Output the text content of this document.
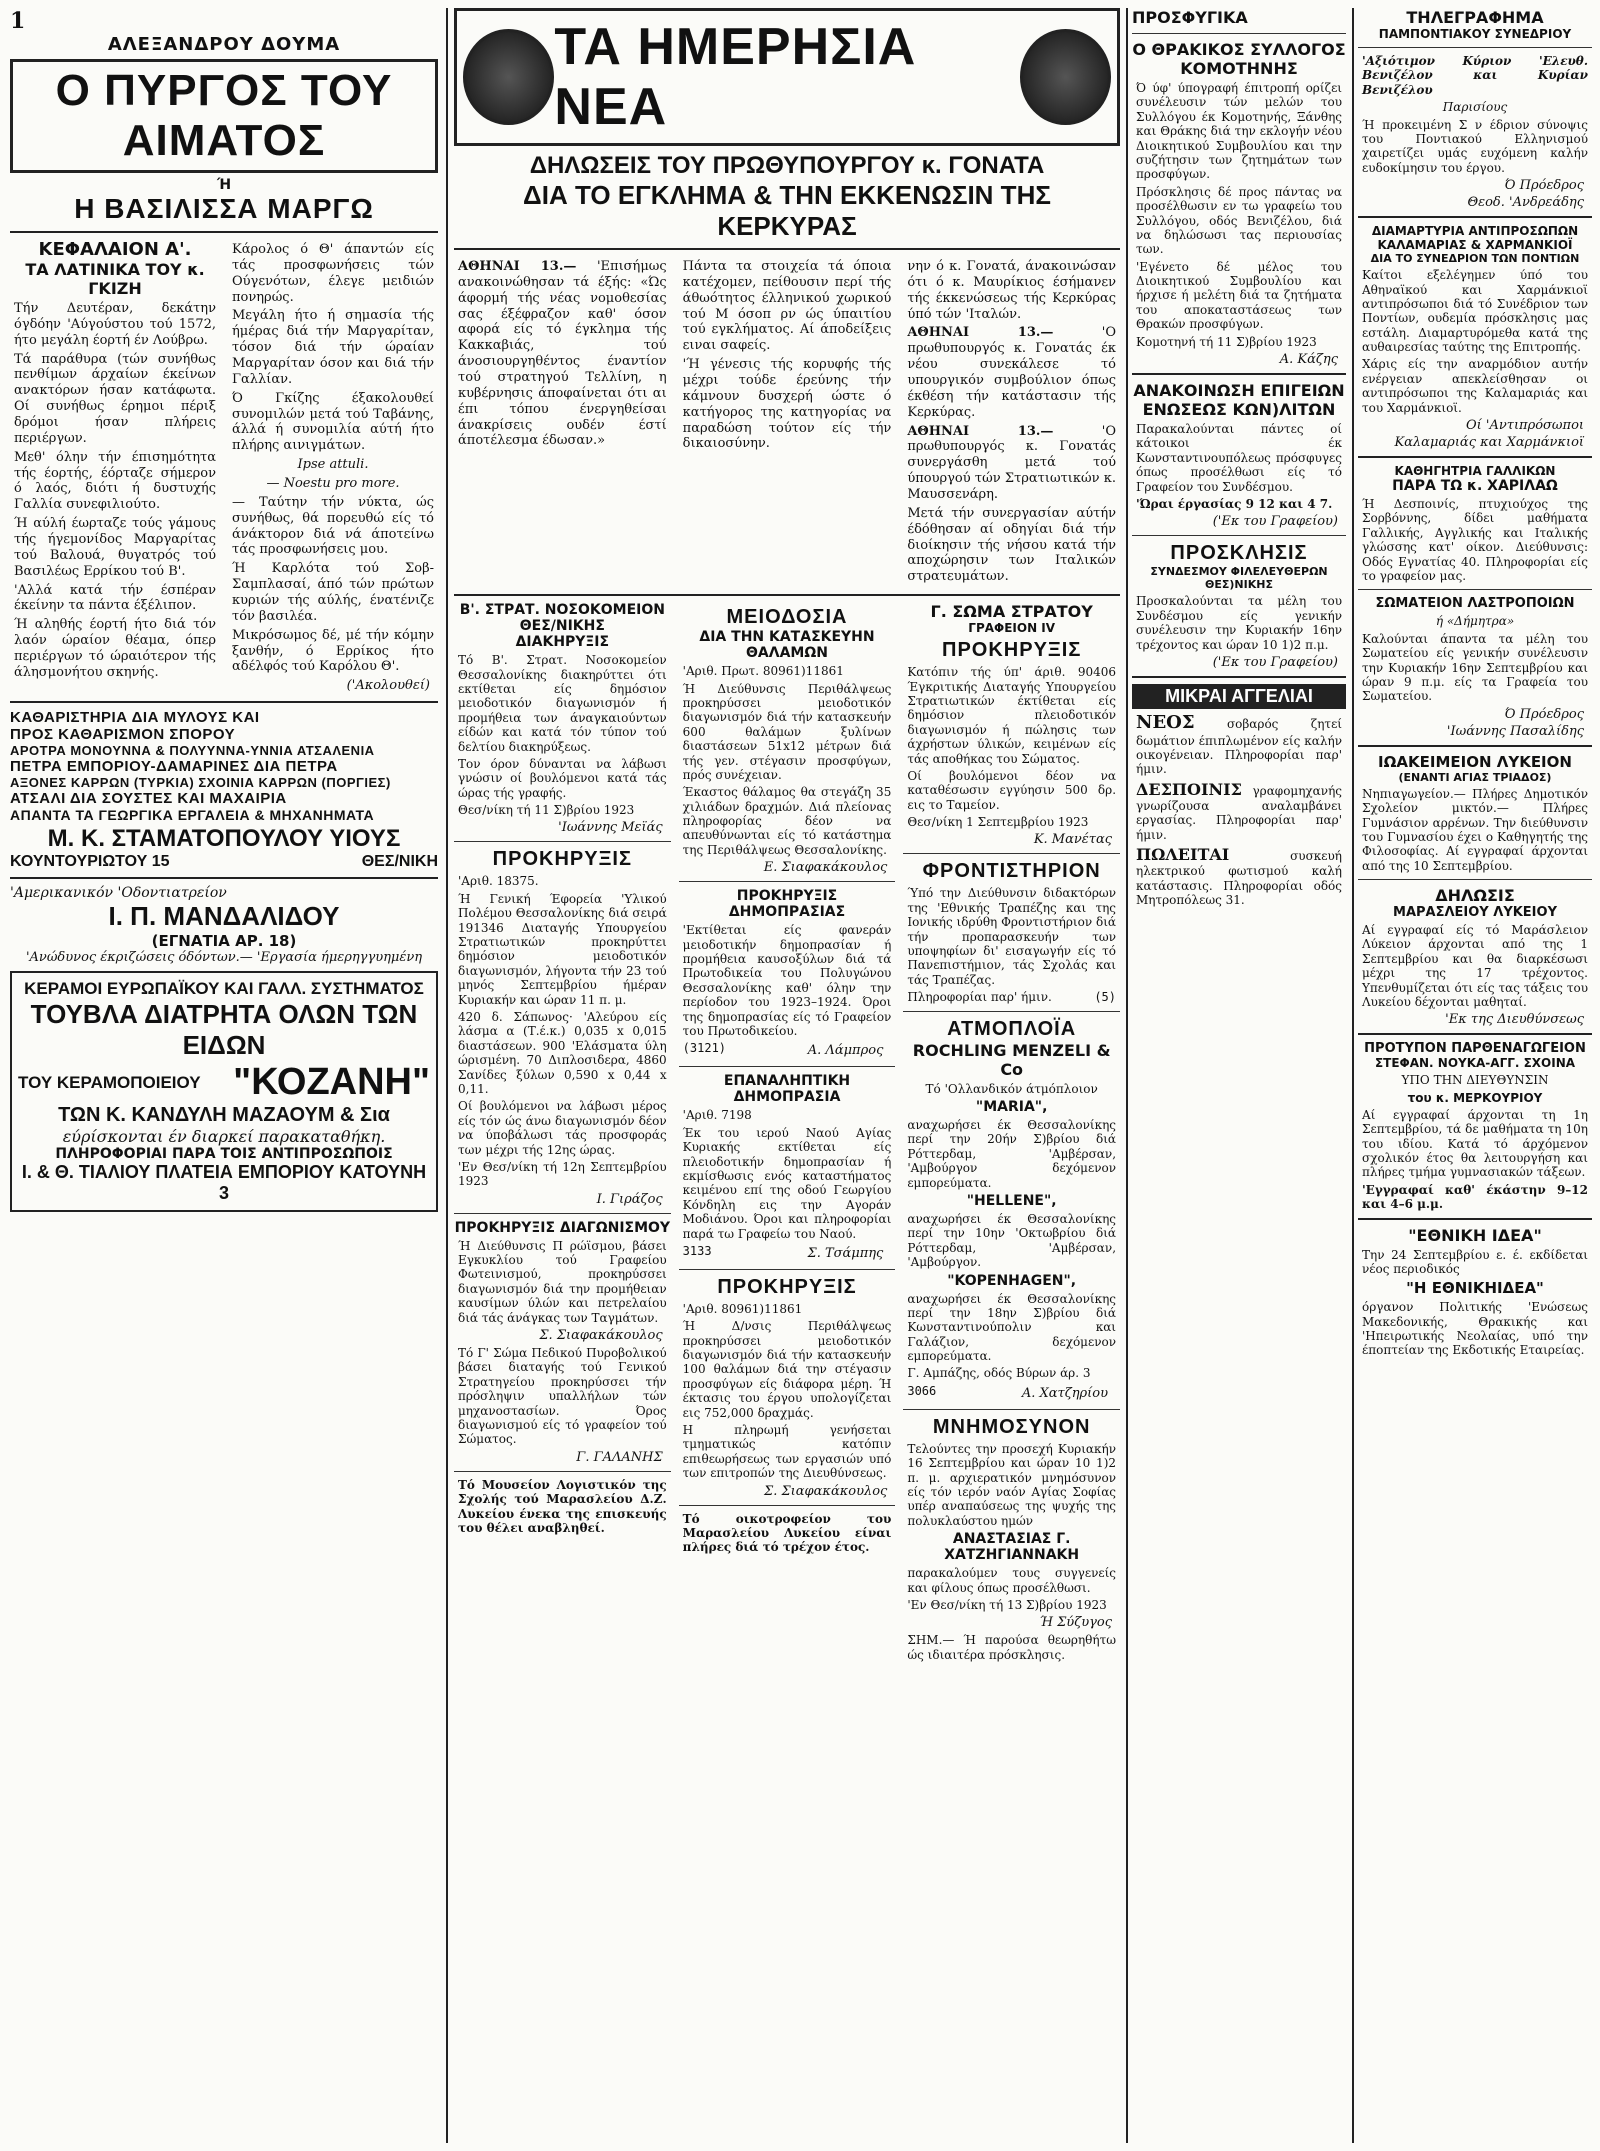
1
ΑΛΕΞΑΝΔΡΟΥ ΔΟΥΜΑ
Ο ΠΥΡΓΟΣ ΤΟΥ ΑΙΜΑΤΟΣ
Ή
Η ΒΑΣΙΛΙΣΣΑ ΜΑΡΓΩ
ΚΕΦΑΛΑΙΟΝ Α'.
ΤΑ ΛΑΤΙΝΙΚΑ ΤΟΥ κ. ΓΚΙΖΗ

Τήν Δευτέραν, δεκάτην όγδόην 'Αύγούστου τού 1572, ήτο μεγάλη έορτή έν Λούβρω.

Τά παράθυρα (τών συνήθως πενθίμων άρχαίων έκείνων ανακτόρων ήσαν κατάφωτα. Οί συνήθως έρημοι πέριξ δρόμοι ήσαν πλήρεις περιέργων.

Μεθ' όλην τήν έπισημότητα τής έορτής, έόρταζε σήμερον ό λαός, διότι ή δυστυχής Γαλλία συνεφιλιούτο.

Ή αύλή έωρταζε τούς γάμους τής ήγεμονίδος Μαργαρίτας τού Βαλουά, θυγατρός τού Βασιλέως Ερρίκου τού Β'.

'Αλλά κατά τήν έσπέραν έκείνην τα πάντα έξέλιπον.

Ή αληθής έορτή ήτο διά τόν λαόν ώραίον θέαμα, όπερ περιέργων τό ώραιότερον τής άλησμονήτου σκηνής.

Κάρολος ό Θ' άπαντών είς τάς προσφωνήσεις τών Ούγενότων, έλεγε μειδιών πονηρώς.

Μεγάλη ήτο ή σημασία τής ήμέρας διά τήν Μαργαρίταν, τόσον διά τήν ώραίαν Μαργαρίταν όσον και διά τήν Γαλλίαν.

Ό Γκίζης έξακολουθεί συνομιλών μετά τού Ταβάνης, άλλά ή συνομιλία αύτή ήτο πλήρης αινιγμάτων.

Ipse attuli.

— Noestu pro more.

— Ταύτην τήν νύκτα, ώς συνήθως, θά πορευθώ είς τό άνάκτορον διά νά άποτείνω τάς προσφωνήσεις μου.

Ή Καρλότα τού Σοβ-Σαμπλασαί, άπό τών πρώτων κυριών τής αύλής, ένατένιζε τόν βασιλέα.

Μικρόσωμος δέ, μέ τήν κόμην ξανθήν, ό Ερρίκος ήτο αδέλφός τού Καρόλου Θ'.

('Ακολουθεί)
ΚΑΘΑΡΙΣΤΗΡΙΑ ΔΙΑ ΜΥΛΟΥΣ ΚΑΙ
ΠΡΟΣ ΚΑΘΑΡΙΣΜΟΝ ΣΠΟΡΟΥ
ΑΡΟΤΡΑ ΜΟΝΟΥΝΝΑ & ΠΟΛΥΥΝΝΑ-ΥΝΝΙΑ ΑΤΣΑΛΕΝΙΑ
ΠΕΤΡΑ ΕΜΠΟΡΙΟΥ-ΔΑΜΑΡΙΝΕΣ ΔΙΑ ΠΕΤΡΑ
ΑΞΟΝΕΣ ΚΑΡΡΩΝ (ΤΥΡΚΙΑ) ΣΧΟΙΝΙΑ ΚΑΡΡΩΝ (ΠΟΡΓΙΕΣ)
ΑΤΣΑΛΙ ΔΙΑ ΣΟΥΣΤΕΣ ΚΑΙ ΜΑΧΑΙΡΙΑ
ΑΠΑΝΤΑ ΤΑ ΓΕΩΡΓΙΚΑ ΕΡΓΑΛΕΙΑ & ΜΗΧΑΝΗΜΑΤΑ
Μ. Κ. ΣΤΑΜΑΤΟΠΟΥΛΟΥ ΥΙΟΥΣ
ΚΟΥΝΤΟΥΡΙΩΤΟΥ 15	ΘΕΣ/ΝΙΚΗ
'Αμερικανικόν 'Οδοντιατρείον
Ι. Π. ΜΑΝΔΑΛΙΔΟΥ
(ΕΓΝΑΤΙΑ ΑΡ. 18)
'Ανώδυνος έκριζώσεις όδόντων.— 'Εργασία ήμερηγγυημένη
ΚΕΡΑΜΟΙ ΕΥΡΩΠΑΪΚΟΥ ΚΑΙ ΓΑΛΛ. ΣΥΣΤΗΜΑΤΟΣ
ΤΟΥΒΛΑ ΔΙΑΤΡΗΤΑ ΟΛΩΝ ΤΩΝ ΕΙΔΩΝ
ΤΟΥ ΚΕΡΑΜΟΠΟΙΕΙΟΥ "ΚΟΖΑΝΗ"
ΤΩΝ Κ. ΚΑΝΔΥΛΗ ΜΑΖΑΟΥΜ & Σια
εύρίσκονται έν διαρκεί παρακαταθήκη.
ΠΛΗΡΟΦΟΡΙΑΙ ΠΑΡΑ ΤΟΙΣ ΑΝΤΙΠΡΟΣΩΠΟΙΣ
Ι. & Θ. ΤΙΑΛΙΟΥ ΠΛΑΤΕΙΑ ΕΜΠΟΡΙΟΥ ΚΑΤΟΥΝΗ 3
ΤΑ ΗΜΕΡΗΣΙΑ ΝΕΑ
ΔΗΛΩΣΕΙΣ ΤΟΥ ΠΡΩΘΥΠΟΥΡΓΟΥ κ. ΓΟΝΑΤΑ
ΔΙΑ ΤΟ ΕΓΚΛΗΜΑ & ΤΗΝ ΕΚΚΕΝΩΣΙΝ ΤΗΣ ΚΕΡΚΥΡΑΣ

ΑΘΗΝΑΙ 13.— 'Επισήμως ανακοινώθησαν τά έξής: «Ώς άφορμή τής νέας νομοθεσίας σας έξέφραζον καθ' όσον αφορά είς τό έγκλημα τής Κακκαβιάς, τού άνοσιουργηθέντος έναντίον τού στρατηγού Τελλίνη, η κυβέρνησις άποφαίνεται ότι αι έπι τόπου ένεργηθείσαι άνακρίσεις ουδέν έστί άποτέλεσμα έδωσαν.»

Πάντα τα στοιχεία τά όποια κατέχομεν, πείθουσιν περί τής άθωότητος έλληνικού χωρικού τού Μ όσοπ ρν ώς ύπαιτίου τού εγκλήματος. Αί άποδείξεις ειναι σαφείς.

'Ή γένεσις τής κορυφής τής μέχρι τούδε έρεύνης τήν κάμνουν δυσχερή ώστε ό κατήγορος της κατηγορίας να παραδώση τούτον είς τήν δικαιοσύνην.

νην ό κ. Γονατά, άνακοινώσαν ότι ό κ. Μαυρίκιος έσήμανεν τής έκκενώσεως τής Κερκύρας ύπό τών 'Ιταλών.

ΑΘΗΝΑΙ 13.—	'Ο πρωθυπουργός κ. Γονατάς έκ νέου συνεκάλεσε τό υπουργικόν συμβούλιον όπως έκθέση τήν κατάστασιν τής Κερκύρας.

ΑΘΗΝΑΙ 13.—	'Ο πρωθυπουργός κ. Γονατάς συνεργάσθη μετά τού ύπουργού τών Στρατιωτικών κ. Μαυσσενάρη.

Μετά τήν συνεργασίαν αύτήν έδόθησαν αί οδηγίαι διά τήν διοίκησιν τής νήσου κατά τήν αποχώρησιν των Ιταλικών στρατευμάτων.

Β'. ΣΤΡΑΤ. ΝΟΣΟΚΟΜΕΙΟΝ ΘΕΣ/ΝΙΚΗΣ
ΔΙΑΚΗΡΥΞΙΣ

Τό Β'. Στρατ. Νοσοκομείον Θεσσαλονίκης διακηρύττει ότι εκτίθεται είς δημόσιον μειοδοτικόν διαγωνισμόν ή προμήθεια των άναγκαιούντων είδών και κατά τόν τύπον τού δελτίου διακηρύξεως.

Τον όρον δύνανται να λάβωσι γνώσιν οί βουλόμενοι κατά τάς ώρας τής γραφής.

Θεσ/νίκη τή 11 Σ)βρίου 1923
'Ιωάννης Μεϊάς
ΠΡΟΚΗΡΥΞΙΣ
'Αριθ. 18375.

Ή Γενική Έφορεία 'Υλικού Πολέμου Θεσσαλονίκης διά σειρά 191346 Διαταγής Υπουργείου Στρατιωτικών προκηρύττει δημόσιον μειοδοτικόν διαγωνισμόν, λήγοντα τήν 23 τού μηνός Σεπτεμβρίου ήμέραν Κυριακήν και ώραν 11 π. μ.

420 δ. Σάπωνος· 'Αλεύρου είς λάσμα α (Τ.έ.κ.) 0,035 x 0,015 διαστάσεων. 900 'Ελάσματα ύλη ώρισμένη. 70 Διπλοσιδερα, 4860 Σανίδες ξύλων 0,590 x 0,44 x 0,11.

Οί βουλόμενοι να λάβωσι μέρος είς τόν ώς άνω διαγωνισμόν δέον να ύποβάλωσι τάς προσφοράς των μέχρι τής 12ης ώρας.

'Εν Θεσ/νίκη τή 12η Σεπτεμβρίου 1923
Ι. Γιράζος
ΠΡΟΚΗΡΥΞΙΣ ΔΙΑΓΩΝΙΣΜΟΥ

Ή Διεύθυνσις Π ρώϊσμου, βάσει Εγκυκλίου τού Γραφείου Φωτεινισμού, προκηρύσσει διαγωνισμόν διά την προμήθειαν καυσίμων ύλών και πετρελαίου διά τάς άνάγκας των Ταγμάτων.

Σ. Σιαφακάκουλος

Τό Γ' Σώμα Πεδικού Πυροβολικού βάσει διαταγής τού Γενικού Στρατηγείου προκηρύσσει τήν πρόσληψιν υπαλλήλων τών μηχανοστασίων. Όρος διαγωνισμού είς τό γραφείον τού Σώματος.

Γ. ΓΑΛΑΝΗΣ

Τό Μουσείον Λογιστικόν της Σχολής τού Μαρασλείου Δ.Ζ. Λυκείου ένεκα της επισκευής του θέλει αναβληθεί.

ΜΕΙΟΔΟΣΙΑ
ΔΙΑ ΤΗΝ ΚΑΤΑΣΚΕΥΗΝ ΘΑΛΑΜΩΝ
'Αριθ. Πρωτ. 80961)11861

Ή Διεύθυνσις Περιθάλψεως προκηρύσσει μειοδοτικόν διαγωνισμόν διά τήν κατασκευήν 600 θαλάμων ξυλίνων διαστάσεων 51x12 μέτρων διά τής γεν. στέγασιν προσφύγων, πρός συνέχειαν.

Έκαστος θάλαμος θα στεγάζη 35 χιλιάδων δραχμών. Διά πλείονας πληροφορίας δέον να απευθύνωνται είς τό κατάστημα της Περιθάλψεως Θεσσαλονίκης.

Ε. Σιαφακάκουλος
ΠΡΟΚΗΡΥΞΙΣ ΔΗΜΟΠΡΑΣΙΑΣ

'Εκτίθεται είς φανεράν μειοδοτικήν δημοπρασίαν ή προμήθεια καυσοξύλων διά τά Πρωτοδικεία του Πολυγώνου Θεσσαλονίκης καθ' όλην την περίοδον του 1923–1924. Όροι της δημοπρασίας είς τό Γραφείον του Πρωτοδικείου.

(3121)	Α. Λάμπρος
ΕΠΑΝΑΛΗΠΤΙΚΗ ΔΗΜΟΠΡΑΣΙΑ
'Αριθ. 7198

Έκ του ιερού Ναού Αγίας Κυριακής εκτίθεται είς πλειοδοτικήν δημοπρασίαν ή εκμίσθωσις ενός καταστήματος κειμένου επί της οδού Γεωργίου Κόνδηλη εις την Αγοράν Μοδιάνου. Όροι και πληροφορίαι παρά τω Γραφείω του Ναού.

3133	Σ. Τσάμπης
ΠΡΟΚΗΡΥΞΙΣ
'Αριθ. 80961)11861

Ή Δ/νσις Περιθάλψεως προκηρύσσει μειοδοτικόν διαγωνισμόν διά τήν κατασκευήν 100 θαλάμων διά την στέγασιν προσφύγων είς διάφορα μέρη. Ή έκτασις του έργου υπολογίζεται εις 752,000 δραχμάς.

Η πληρωμή γενήσεται τμηματικώς κατόπιν επιθεωρήσεως των εργασιών υπό των επιτροπών της Διευθύνσεως.

Σ. Σιαφακάκουλος

Τό οικοτροφείον του Μαρασλείου Λυκείου είναι πλήρες διά τό τρέχον έτος.

Γ. ΣΩΜΑ ΣΤΡΑΤΟΥ
ΓΡΑΦΕΙΟΝ IV
ΠΡΟΚΗΡΥΞΙΣ

Κατόπιν τής ύπ' άριθ. 90406 Έγκριτικής Διαταγής Υπουργείου Στρατιωτικών έκτίθεται είς δημόσιον πλειοδοτικόν διαγωνισμόν ή πώλησις των άχρήστων ύλικών, κειμένων είς τάς αποθήκας του Σώματος.

Οί βουλόμενοι δέον να καταθέσωσιν εγγύησιν 500 δρ. εις το Ταμείον.

Θεσ/νίκη 1 Σεπτεμβρίου 1923
Κ. Μανέτας
ΦΡΟΝΤΙΣΤΗΡΙΟΝ

Ύπό την Διεύθυνσιν διδακτόρων της 'Εθνικής Τραπέζης και της Ιονικής ιδρύθη Φροντιστήριον διά τήν προπαρασκευήν των υποψηφίων δι' εισαγωγήν είς τό Πανεπιστήμιον, τάς Σχολάς και τάς Τραπέζας.

Πληροφορίαι παρ' ήμιν.	(5)
ΑΤΜΟΠΛΟΪΑ
ROCHLING MENZELI & Co
Τό 'Ολλανδικόν άτμόπλοιον
"MARIA",

αναχωρήσει έκ Θεσσαλονίκης περί την 20ήν Σ)βρίου διά Ρόττερδαμ, 'Αμβέρσαν, 'Αμβούργον δεχόμενον εμπορεύματα.

"HELLENE",

αναχωρήσει έκ Θεσσαλονίκης περί την 10ην 'Οκτωβρίου διά Ρόττερδαμ, 'Αμβέρσαν, 'Αμβούργον.

"KOPENHAGEN",

αναχωρήσει έκ Θεσσαλονίκης περί την 18ην Σ)βρίου διά Κωνσταντινούπολιν και Γαλάζιον, δεχόμενον εμπορεύματα.

Γ. Αμπάζης, οδός Βύρων άρ. 3
3066	Α. Χατζηρίου
ΜΝΗΜΟΣΥΝΟΝ

Τελούντες την προσεχή Κυριακήν 16 Σεπτεμβρίου και ώραν 10 1)2 π. μ. αρχιερατικόν μνημόσυνον είς τόν ιερόν ναόν Αγίας Σοφίας υπέρ αναπαύσεως της ψυχής της πολυκλαύστου ημών

ΑΝΑΣΤΑΣΙΑΣ Γ. ΧΑΤΖΗΓΙΑΝΝΑΚΗ

παρακαλούμεν τους συγγενείς και φίλους όπως προσέλθωσι.

'Εν Θεσ/νίκη τή 13 Σ)βρίου 1923
Ή Σύζυγος

ΣΗΜ.— Ή παρούσα θεωρηθήτω ώς ιδιαιτέρα πρόσκλησις.

ΠΡΟΣΦΥΓΙΚΑ
Ο ΘΡΑΚΙΚΟΣ ΣΥΛΛΟΓΟΣ
ΚΟΜΟΤΗΝΗΣ

Ό ύφ' ύπογραφή έπιτροπή ορίζει συνέλευσιν τών μελών του Συλλόγου έκ Κομοτηνής, Ξάνθης και Θράκης διά την εκλογήν νέου Διοικητικού Συμβουλίου και την συζήτησιν των ζητημάτων των προσφύγων.

Πρόσκλησις δέ προς πάντας να προσέλθωσιν εν τω γραφείω του Συλλόγου, οδός Βενιζέλου, διά να δηλώσωσι τας περιουσίας των.

'Εγένετο δέ μέλος του Διοικητικού Συμβουλίου και ήρχισε ή μελέτη διά τα ζητήματα του αποκαταστάσεως των Θρακών προσφύγων.

Κομοτηνή τή 11 Σ)βρίου 1923
Α. Κάζης
ΑΝΑΚΟΙΝΩΣΗ ΕΠΙΓΕΙΩΝ
ΕΝΩΣΕΩΣ ΚΩΝ)ΛΙΤΩΝ

Παρακαλούνται πάντες οί κάτοικοι έκ Κωνσταντινουπόλεως πρόσφυγες όπως προσέλθωσι είς τό Γραφείον του Συνδέσμου.

'Ώραι έργασίας 9 12 και 4 7.
('Εκ του Γραφείου)
ΠΡΟΣΚΛΗΣΙΣ
ΣΥΝΔΕΣΜΟΥ ΦΙΛΕΛΕΥΘΕΡΩΝ ΘΕΣ)ΝΙΚΗΣ

Προσκαλούνται τα μέλη του Συνδέσμου είς γενικήν συνέλευσιν την Κυριακήν 16ην τρέχοντος και ώραν 10 1)2 π.μ.

('Εκ του Γραφείου)
ΜΙΚΡΑΙ ΑΓΓΕΛΙΑΙ

ΝΕΟΣ	σοβαρός ζητεί δωμάτιον έπιπλωμένον είς καλήν οικογένειαν. Πληροφορίαι παρ' ήμιν.

ΔΕΣΠΟΙΝΙΣ γραφομηχανής γνωρίζουσα αναλαμβάνει εργασίας. Πληροφορίαι παρ' ήμιν.

ΠΩΛΕΙΤΑΙ	συσκευή ηλεκτρικού φωτισμού καλή κατάστασις. Πληροφορίαι οδός Μητροπόλεως 31.

ΤΗΛΕΓΡΑΦΗΜΑ
ΠΑΜΠΟΝΤΙΑΚΟΥ ΣΥΝΕΔΡΙΟΥ

'Αξιότιμον Κύριον 'Ελευθ. Βενιζέλον και Κυρίαν Βενιζέλου

Παρισίους

Ή προκειμένη Σ ν έδριον σύνοψις του Ποντιακού Ελληνισμού χαιρετίζει υμάς ευχόμενη καλήν ευδοκίμησιν του έργου.

Ό Πρόεδρος
Θεοδ. 'Ανδρεάδης
ΔΙΑΜΑΡΤΥΡΙΑ ΑΝΤΙΠΡΟΣΩΠΩΝ
ΚΑΛΑΜΑΡΙΑΣ & ΧΑΡΜΑΝΚΙΟΪ
ΔΙΑ ΤΟ ΣΥΝΕΔΡΙΟΝ ΤΩΝ ΠΟΝΤΙΩΝ

Καίτοι εξελέγημεν ύπό του Αθηναϊκού και Χαρμάνκιοϊ αντιπρόσωποι διά τό Συνέδριον των Ποντίων, ουδεμία πρόσκλησις μας εστάλη. Διαμαρτυρόμεθα κατά της αυθαιρεσίας ταύτης της Επιτροπής.

Χάρις είς την αναρμόδιον αυτήν ενέργειαν απεκλείσθησαν οι αντιπρόσωποι της Καλαμαριάς και του Χαρμάνκιοϊ.

Οί 'Αντιπρόσωποι
Καλαμαριάς και Χαρμάνκιοϊ
ΚΑΘΗΓΗΤΡΙΑ ΓΑΛΛΙΚΩΝ
ΠΑΡΑ ΤΩ κ. ΧΑΡΙΛΑΩ

Ή Δεσποινίς, πτυχιούχος της Σορβόννης, δίδει μαθήματα Γαλλικής, Αγγλικής και Ιταλικής γλώσσης κατ' οίκον. Διεύθυνσις: Οδός Εγνατίας 40. Πληροφορίαι είς το γραφείον μας.

ΣΩΜΑΤΕΙΟΝ ΛΑΣΤΡΟΠΟΙΩΝ
ή «Δήμητρα»

Καλούνται άπαντα τα μέλη του Σωματείου είς γενικήν συνέλευσιν την Κυριακήν 16ην Σεπτεμβρίου και ώραν 9 π.μ. είς τα Γραφεία του Σωματείου.

Ό Πρόεδρος
'Ιωάννης Πασαλίδης
ΙΩΑΚΕΙΜΕΙΟΝ ΛΥΚΕΙΟΝ
(ΕΝΑΝΤΙ ΑΓΙΑΣ ΤΡΙΑΔΟΣ)

Νηπιαγωγείον.— Πλήρες Δημοτικόν Σχολείον μικτόν.— Πλήρες Γυμνάσιον αρρένων. Την διεύθυνσιν του Γυμνασίου έχει ο Καθηγητής της Φιλοσοφίας. Αί εγγραφαί άρχονται από της 10 Σεπτεμβρίου.

ΔΗΛΩΣΙΣ
ΜΑΡΑΣΛΕΙΟΥ ΛΥΚΕΙΟΥ

Αί εγγραφαί είς τό Μαράσλειον Λύκειον άρχονται από της 1 Σεπτεμβρίου και θα διαρκέσωσι μέχρι της 17 τρέχοντος. Υπενθυμίζεται ότι είς τας τάξεις του Λυκείου δέχονται μαθηταί.

'Εκ της Διευθύνσεως
ΠΡΟΤΥΠΟΝ ΠΑΡΘΕΝΑΓΩΓΕΙΟΝ
ΣΤΕΦΑΝ. ΝΟΥΚΑ-ΑΓΓ. ΣΧΟΙΝΑ
ΥΠΟ ΤΗΝ ΔΙΕΥΘΥΝΣΙΝ
του κ. ΜΕΡΚΟΥΡΙΟΥ

Αί εγγραφαί άρχονται τη 1η Σεπτεμβρίου, τά δε μαθήματα τη 10η του ιδίου. Κατά τό άρχόμενον σχολικόν έτος θα λειτουργήση και πλήρες τμήμα γυμνασιακών τάξεων.

'Εγγραφαί καθ' έκάστην 9–12 και 4–6 μ.μ.
"ΕΘΝΙΚΗ ΙΔΕΑ"

Την 24 Σεπτεμβρίου ε. έ. εκδίδεται νέος περιοδικός

"Η ΕΘΝΙΚΗΙΔΕΑ"

όργανον Πολιτικής 'Ενώσεως Μακεδονικής, Θρακικής και 'Ηπειρωτικής Νεολαίας, υπό την έποπτείαν της Εκδοτικής Εταιρείας.
